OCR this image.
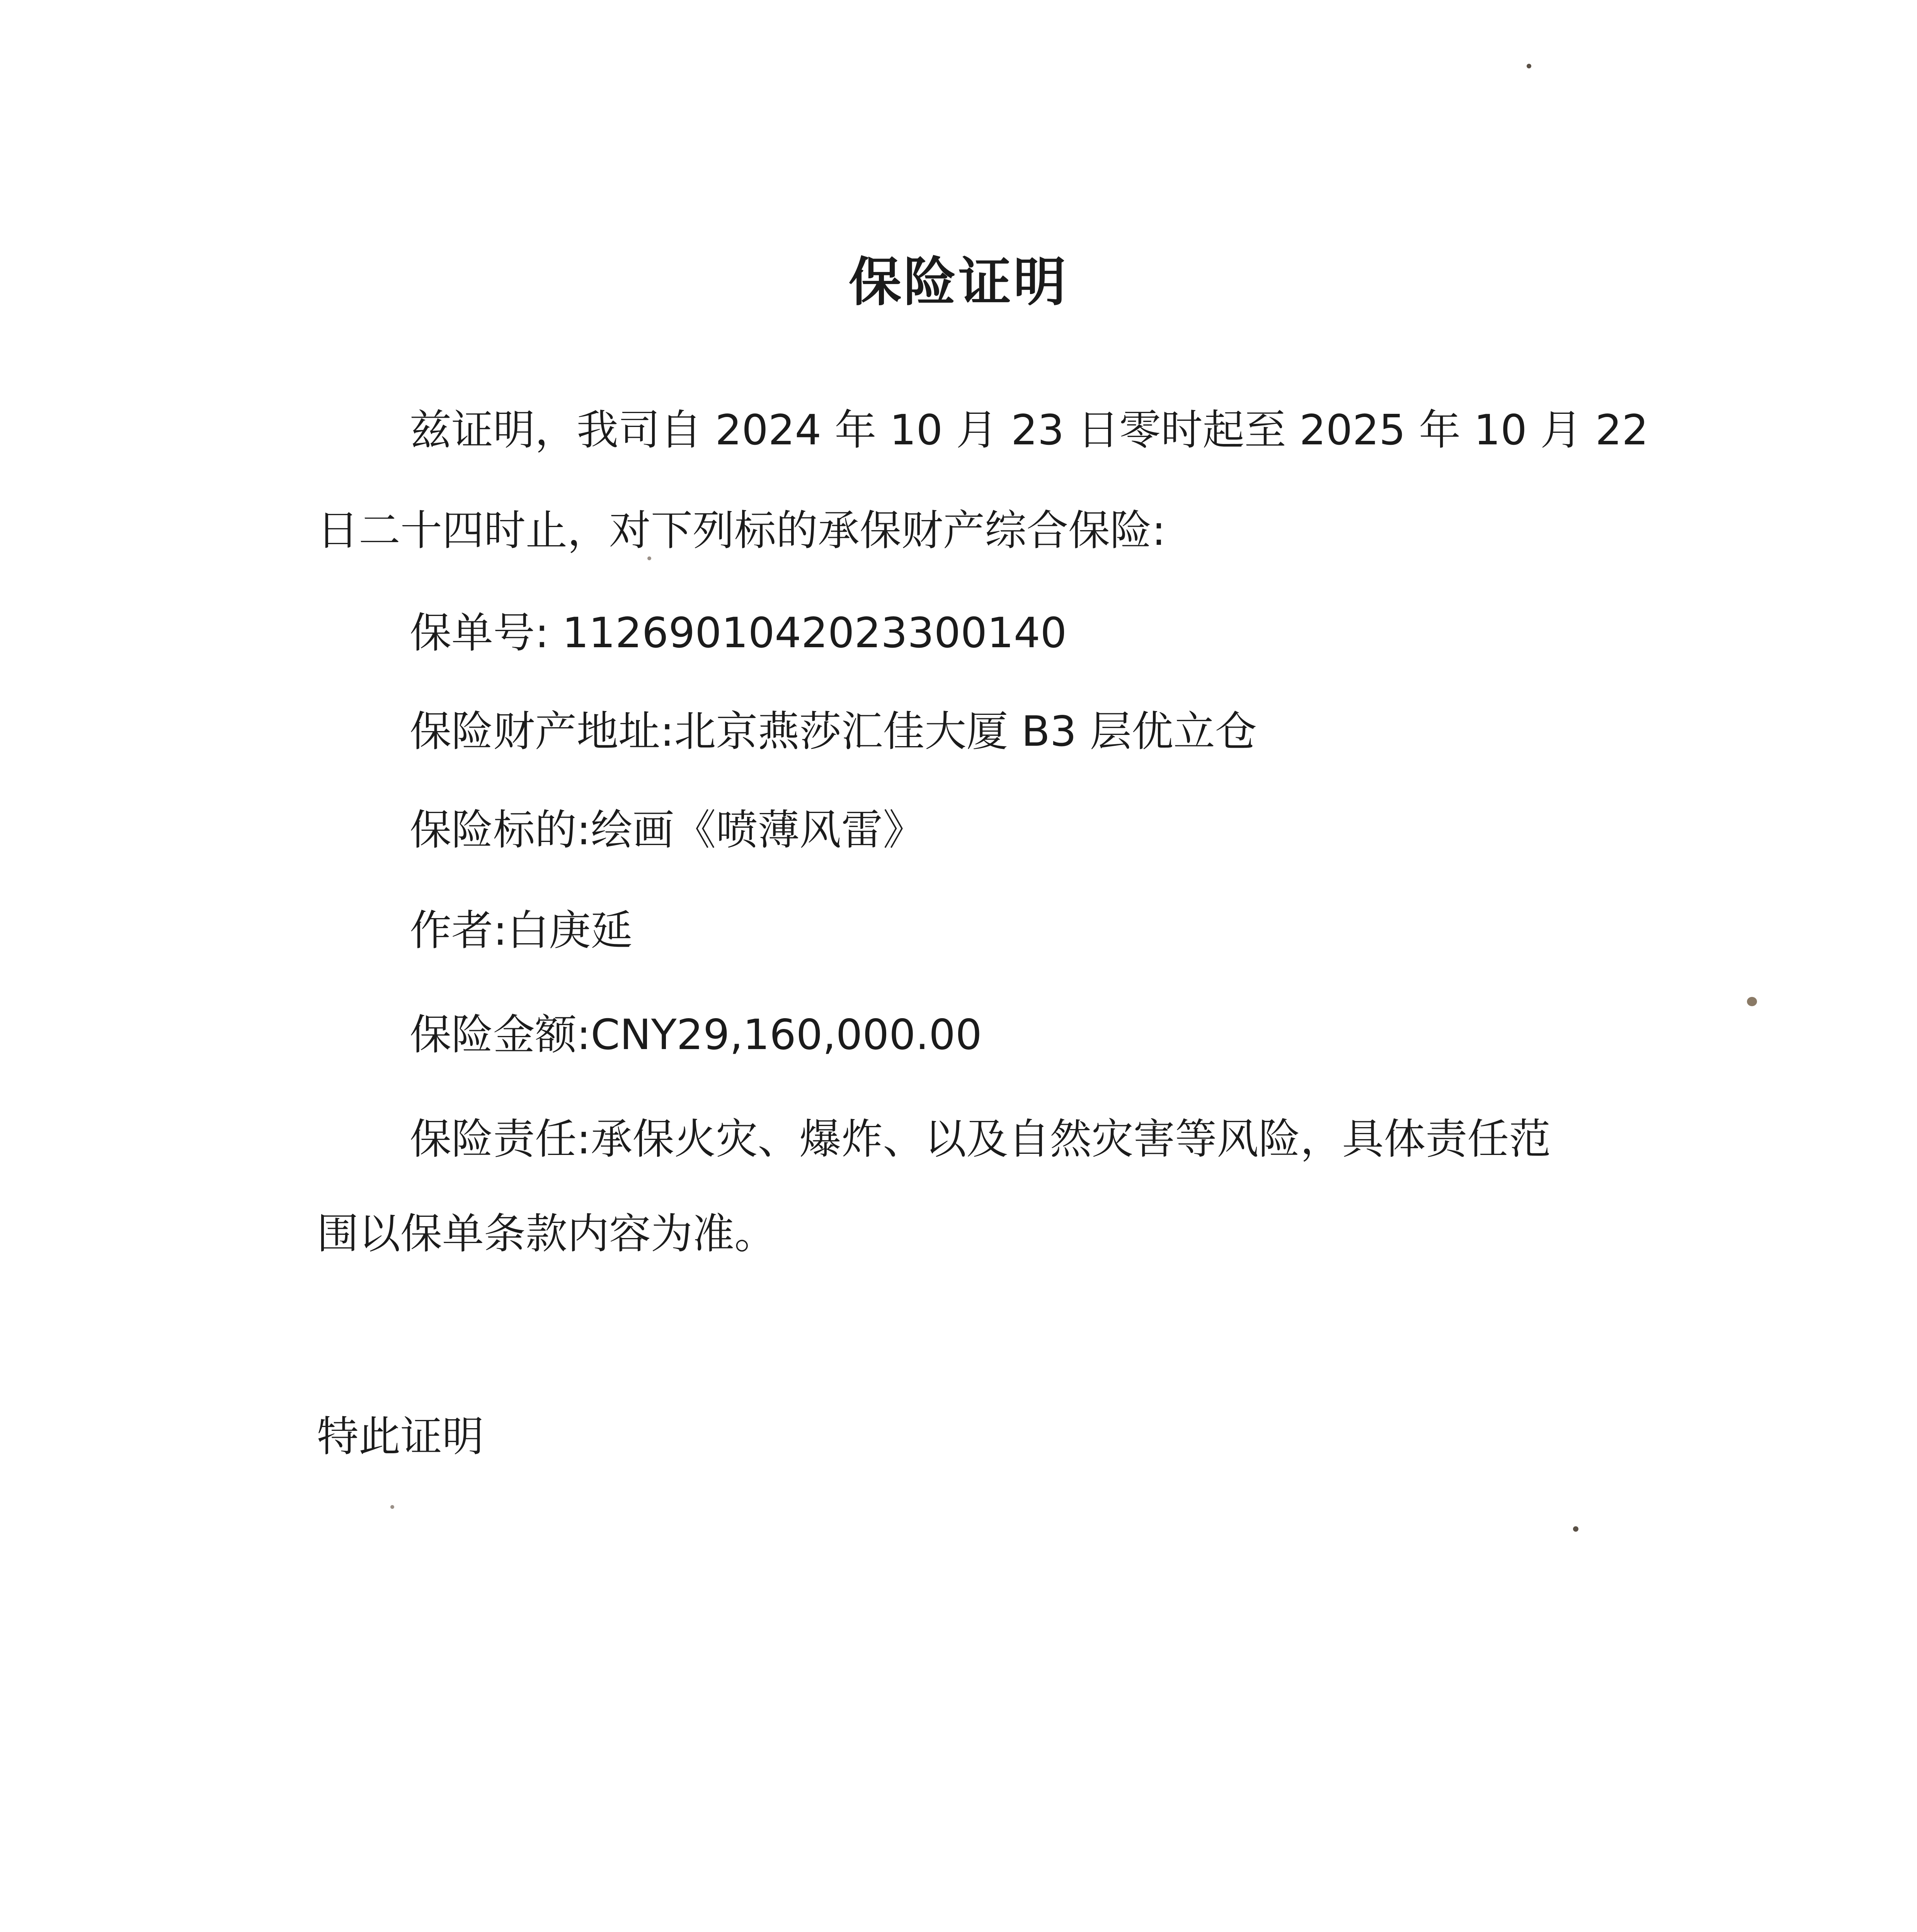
保险证明
兹证明，我司自 2024 年 10 月 23 日零时起至 2025 年 10 月 22
日二十四时止，对下列标的承保财产综合保险:
保单号: 1126901042023300140
保险财产地址:北京燕莎汇佳大厦 B3 层优立仓
保险标的:绘画《喷薄风雷》
作者:白庚延
保险金额:CNY29,160,000.00
保险责任:承保火灾、爆炸、以及自然灾害等风险，具体责任范
围以保单条款内容为准。
特此证明
